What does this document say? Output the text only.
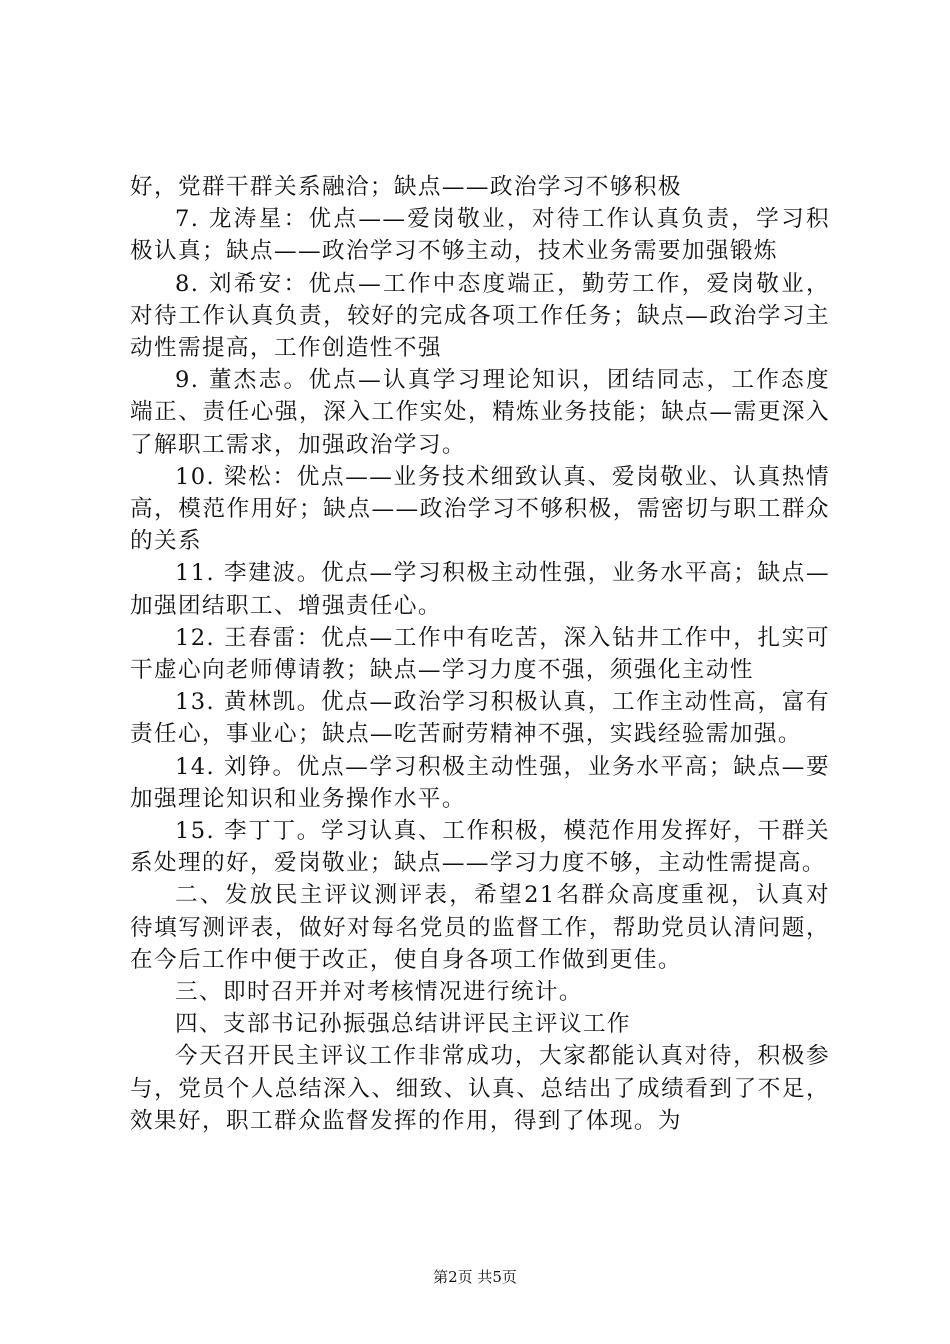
好，党群干群关系融洽；缺点——政治学习不够积极

7. 龙涛星：优点——爱岗敬业，对待工作认真负责，学习积极认真；缺点——政治学习不够主动，技术业务需要加强锻炼

8. 刘希安：优点—工作中态度端正，勤劳工作，爱岗敬业，对待工作认真负责，较好的完成各项工作任务；缺点—政治学习主动性需提高，工作创造性不强

9. 董杰志。优点—认真学习理论知识，团结同志，工作态度端正、责任心强，深入工作实处，精炼业务技能；缺点—需更深入了解职工需求，加强政治学习。

10. 梁松：优点——业务技术细致认真、爱岗敬业、认真热情高，模范作用好；缺点——政治学习不够积极，需密切与职工群众的关系

11. 李建波。优点—学习积极主动性强，业务水平高；缺点—加强团结职工、增强责任心。

12. 王春雷：优点—工作中有吃苦，深入钻井工作中，扎实可干虚心向老师傅请教；缺点—学习力度不强，须强化主动性

13. 黄林凯。优点—政治学习积极认真，工作主动性高，富有责任心，事业心；缺点—吃苦耐劳精神不强，实践经验需加强。

14. 刘铮。优点—学习积极主动性强，业务水平高；缺点—要加强理论知识和业务操作水平。

15. 李丁丁。学习认真、工作积极，模范作用发挥好，干群关系处理的好，爱岗敬业；缺点——学习力度不够，主动性需提高。

二、发放民主评议测评表，希望21名群众高度重视，认真对待填写测评表，做好对每名党员的监督工作，帮助党员认清问题，在今后工作中便于改正，使自身各项工作做到更佳。

三、即时召开并对考核情况进行统计。

四、支部书记孙振强总结讲评民主评议工作

今天召开民主评议工作非常成功，大家都能认真对待，积极参与，党员个人总结深入、细致、认真、总结出了成绩看到了不足，效果好，职工群众监督发挥的作用，得到了体现。为

第2页 共5页
